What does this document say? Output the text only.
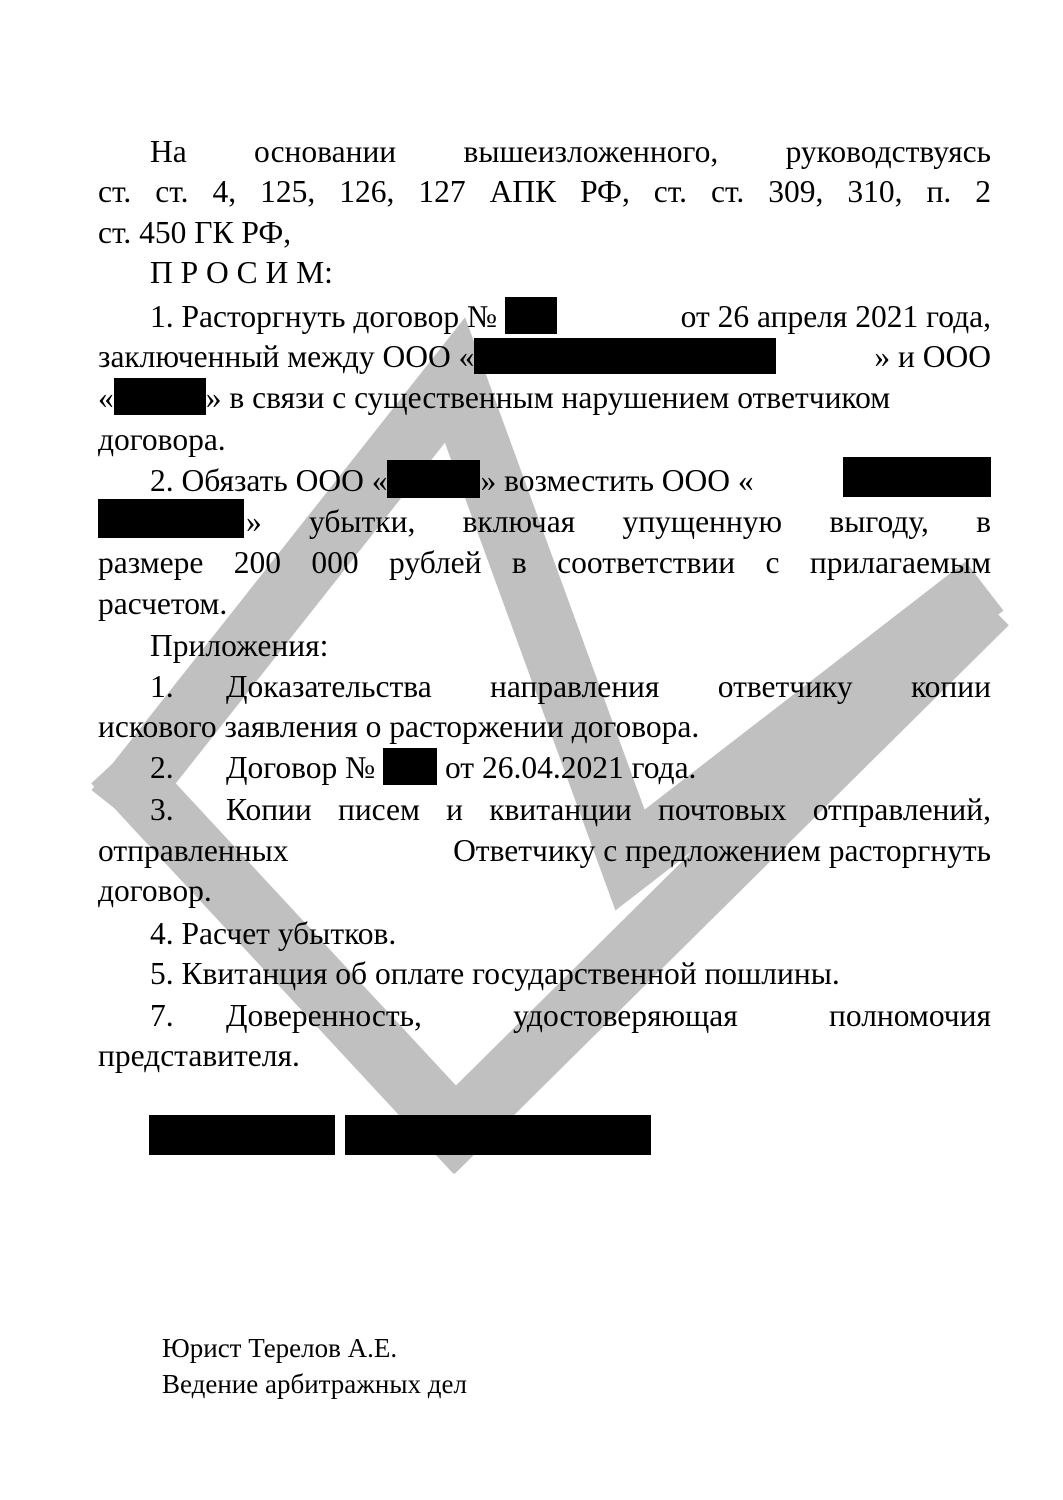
На основании вышеизложенного, руководствуясь
ст. ст. 4, 125, 126, 127 АПК РФ, ст. ст. 309, 310, п. 2
ст. 450 ГК РФ,
П Р О С И М:
1. Расторгнуть договор №	от 26 апреля 2021 года,
заключенный между ООО «	» и ООО
«	» в связи с существенным нарушением ответчиком
договора.
2. Обязать ООО «	» возместить ООО «
» убытки, включая упущенную выгоду, в
размере 200 000 рублей в соответствии с прилагаемым
расчетом.
Приложения:
1. Доказательства направления ответчику копии
искового заявления о расторжении договора.
2. Договор № от 26.04.2021 года.
3. Копии писем и квитанции почтовых отправлений,
отправленных	Ответчику с предложением расторгнуть
договор.
4. Расчет убытков.
5. Квитанция об оплате государственной пошлины.
7. Доверенность, удостоверяющая полномочия
представителя.
Юрист Терелов А.Е.
Ведение арбитражных дел
